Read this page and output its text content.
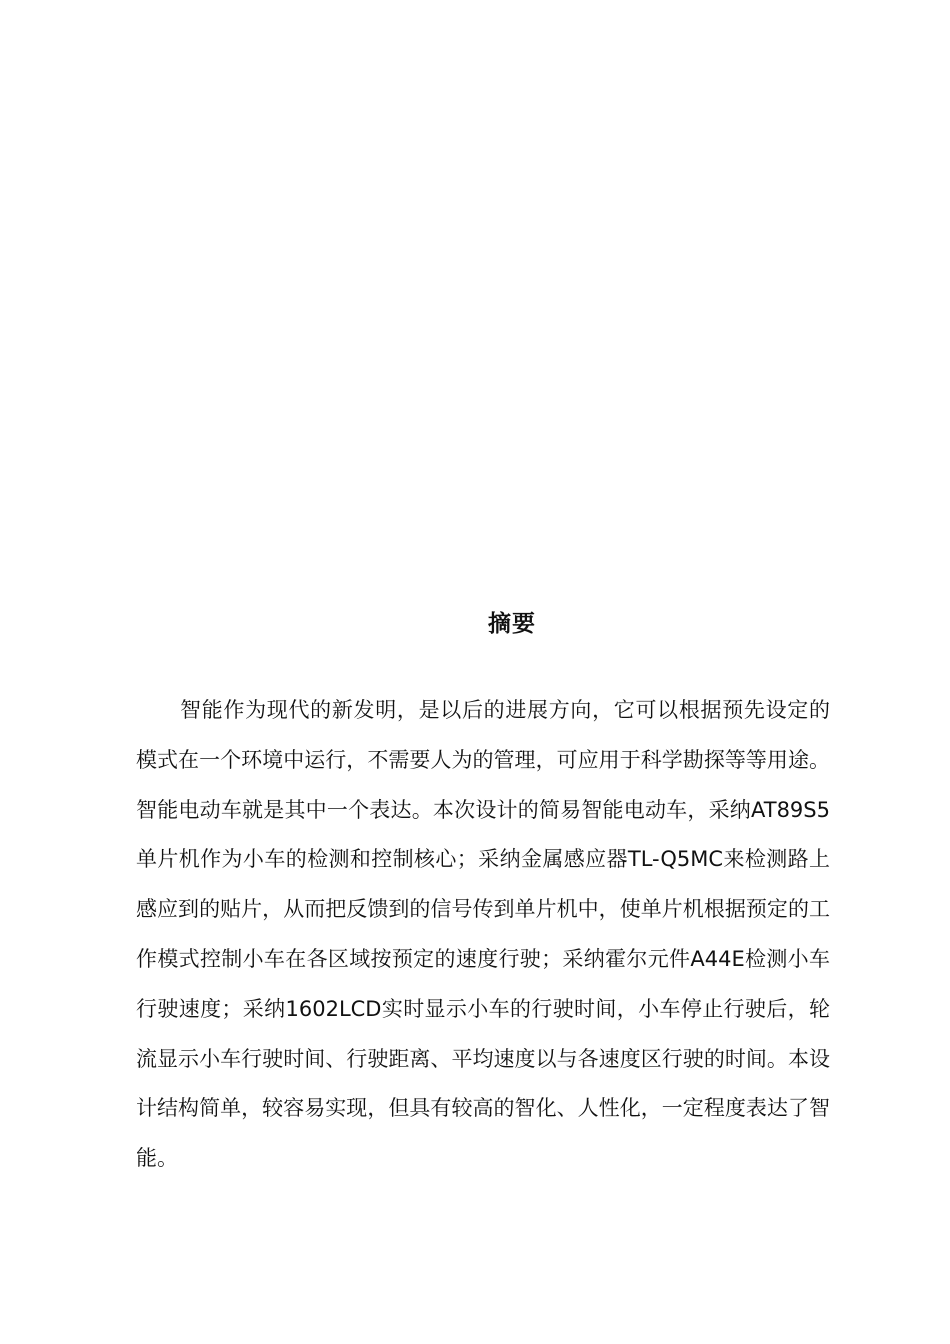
摘要

智能作为现代的新发明，是以后的进展方向，它可以根据预先设定的模式在一个环境中运行，不需要人为的管理，可应用于科学勘探等等用途。智能电动车就是其中一个表达。本次设计的简易智能电动车，采纳AT89S5单片机作为小车的检测和控制核心；采纳金属感应器TL-Q5MC来检测路上感应到的贴片，从而把反馈到的信号传到单片机中，使单片机根据预定的工作模式控制小车在各区域按预定的速度行驶；采纳霍尔元件A44E检测小车行驶速度；采纳1602LCD实时显示小车的行驶时间，小车停止行驶后，轮流显示小车行驶时间、行驶距离、平均速度以与各速度区行驶的时间。本设计结构简单，较容易实现，但具有较高的智化、人性化，一定程度表达了智能。
